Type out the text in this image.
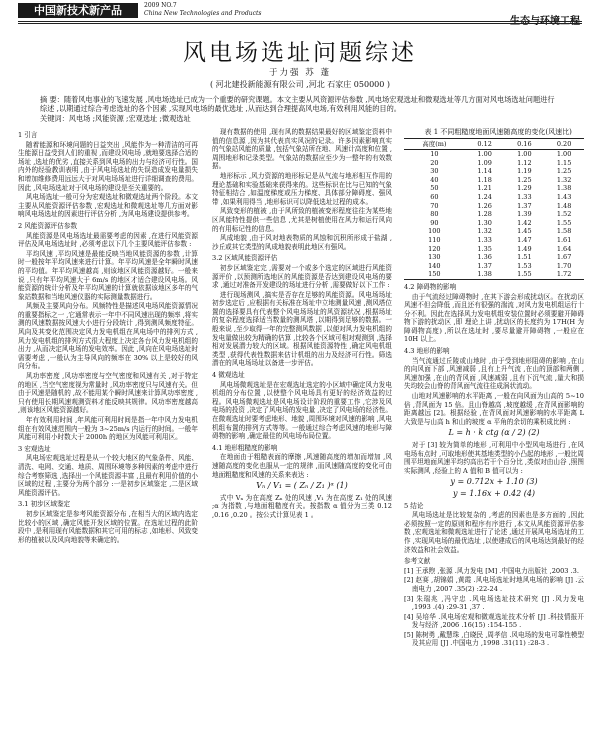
中国新技术新产品	2009 NO.7
China New Technologies and Products
风电场选址问题综述
于力强 苏 蓬
( 河北建投新能源有限公司 ,河北 石家庄 050000 )
摘 要：随着风电事业的飞速发展 ,风电场选址已成为一个重要的研究课题。本文主要从风资源评估参数 ,风电场宏观选址和微观选址等几方面对风电场选址问题进行综述 ,以期通过综合考虑选址的各个因素 ,实现风电场的最优选址 ,从而达到合理提高风电场,有效利用风能的目的。
关键词：风电场 ;风能资源 ;宏观选址 ;微观选址

1 引言

随着能源和环境问题的日益突出 ,风能作为一种清洁的可再生能源日益受到人们的重视 ,而建设风电场 ,就地要选择合适的场址 ,选址的优劣 ,直接关系到风电场的出力与经济可行性。国内外的经验教训表明 ,由于风电场选址的失误造成发电量损失和增加维修费用远远大于对风电场场址进行详细调查的费用。因此 ,风电场选址对于风电场的建设是至关重要的。

风电场选址一般可分为宏观选址和微观选址两个阶段。本文主要从风能资源评估参数 ,宏观选址和微观选址等几方面对影响风电场选址的因素进行评估分析 ,为风电场建设提供参考。

2 风能资源评估参数

风能资源是风电场选址最需要考虑的因素 ,在进行风能资源评估及风电场选址时 ,必须考虑以下几个主要风能评估参数 :

平均风速 ,平均风速是最能反映当地风能资源的参数 ,计算时一般按年平均风速来进行计算。年平均风速是全年瞬时风速的平均值。年平均风速越高 ,则该地区风能资源越好。一般来说 ,只有年平均风速大于 6m/s 的地区才适合建设风电场。风能资源的统计分析及年平均风速的计算就依据该地区多年的气象站数据和当地风速仪器的实际测量数据进行。

风频及主要风向分布。风频特性是描述风电场风能资源情况的重要指标之一 ,它通常表示一年中不同风速出现的频率 ,将实测的风速数据按风速大小进行分段统计 ,得到测风频度特征。风向及其变化范围决定风力发电机组在风电场中的排列方式 ,风力发电机组的排列方式很大程度上决定各台风力发电机组的出力 ,从而决定风电场的发电效率。因此 ,风向在风电场选址时需要考虑 ,一般认为主导风向的频率在 30% 以上是较好的风向分布。

风功率密度 ,风功率密度与空气密度和风速有关 ,对于特定的地区 ,当空气密度视为常量时 ,风功率密度只与风速有关。但由于风速是随机的 ,故不能用某个瞬时风速来计算风功率密度 ,只有使用长期风速观测资料才能反映其规律。风功率密度越高 ,则该地区风能资源越好。

年有效利用时间 ,年风能可利用时间是指一年中风力发电机组在有效风速范围内一般为 3~25m/s 内运行的时间。一般年风能可利用小时数大于 2000h 的地区为风能可利用区。

3 宏观选址

风电场宏观选址过程是从一个较大地区的气象条件、风能、清洗、电网、交通、地质、周围环境等多种因素的考虑中进行综合考察筛选 ,选择出一个风能资源丰富 ,且最有利用价值的小区域的过程 ,主要分为两个部分 :一是初步区域鉴定 ,二是区域风能资源评估。

3.1 初步区域鉴定

初步区域鉴定是参考风能资源分布 ,在相当大的区域内选定比较小的区域 ,确定风能开发区域的位置。在选址过程的此阶段中 ,是利用现有风能数据和其它可用的标志 ,如地形、风致变形的植被以及风向地貌等来确定的。

现有数据的使用 ,现有风的数据结果最好的区域鉴定资料中值的信息源 ,因为其代表真实风况的记录。许多因素影响真实的气象站风能的质量 ,包括气象站所在地、风速计高度和位置 ,周围地形和记录类型。气象站的数据应至少为一整年的有效数据。

地形标示 ,风力资源的地形标记是从气流与地形相互作用的理论基础和实验基础来获得来的。这些标识在比与已知的气象特征相结合 ,如温度梯度或压力梯度、具体部分障碍度、强风带 ,如果利用得当 ,地形标识可以降低选址过程的成本。

风致变形的植被 ,由于风所致的植被变形程度往往为某些地区风能特性提供一些信息 ,尤其是树植使用在风力和运行风向的有用标记性的信息。

风成地貌 ,由于风对地表物质的风蚀和沉积所形成于盐湖 ,沙丘或其它类型的风成地貌表明此地区有强风。

3.2 区域风能资源评估

初步区域鉴定完 ,需要对一个或多个选定的区域进行风能资源评价 ,以预测所选地区的风能资源是否达到建设风电场的要求 ,通过对准备开发建设的场址进行分析 ,需要做好以下工作 :

进行现场测风 ,搞实是否存在足够的风能资源。风电场场址初步选定后 ,应根据有关标准在场址中立地测量风速 ,测风塔位置的选择要具有代表整个风电场场址的风资源状况 ,根据场址的复杂程度选择适当数量的测风塔 ,以期得到足够的数据。一般来说 ,至少取得一年的完整测风数据 ,以便对风力发电机组的发电量做出较为精确的估算 ,比较各个区域可相对观测到 ,选择相对发展潜力较大的区域。根据风能资源特性 ,确定风电机组类型 ,获得代表性数据来估计机组的出力及经济可行性。筛选潜在的风电场场址以备进一步评估。

4 微观选址

风电场微观选址是在宏观选址选定的小区域中确定风力发电机组的分布位置 ,以使整个风电场具有更好的经济效益的过程。风电场微观选址是风电场设计阶段的重要工作 ,它涉及风电场的投资 ,决定了风电场的发电量 ,决定了风电场的经济性。在微观选址时要考虑地形、地貌 ,周围环境对风速的影响 ,风电机组布置的排列方式等等。一般通过综合考虑风速的地形与障碍物的影响 ,确定最佳的风电场布局位置。

4.1 地形粗糙度的影响

在地面由于粗糙表面的摩擦 ,风速随高度的增加而增加 ,风速随高度的变化也服从一定的规律 ,而风速随高度的变化可由地面粗糙度和风速的关系来表达 :

Vₙ / V₁ = ( Zₙ / Z₁ )ᵅ (1)

式中 Vₙ 为在高度 Zₙ 处的风速 ,V₁ 为在高度 Z₁ 处的风速 ;α 为指数 ,与地面粗糙度有关。按指数 α 值分为三类 0.12 ,0.16 ,0.20 。按公式计算见表 1 。

表 1 不同粗糙度地面风速随高度的变化(风速比)

高度(m)	0.12	0.16	0.20
10	1.00	1.00	1.00
20	1.09	1.12	1.15
30	1.14	1.19	1.25
40	1.18	1.25	1.32
50	1.21	1.29	1.38
60	1.24	1.33	1.43
70	1.26	1.37	1.48
80	1.28	1.39	1.52
90	1.30	1.42	1.55
100	1.32	1.45	1.58
110	1.33	1.47	1.61
120	1.35	1.49	1.64
130	1.36	1.51	1.67
140	1.37	1.53	1.70
150	1.38	1.55	1.72

4.2 障碍物的影响

由于气流经过障碍物时 ,在其下游会形成扰动区。在扰动区风速不但会降低 ,而且还有很强的湍流 ,对风力发电机组运行十分不利。因此在选择风力发电机组安装位置时必须要避开障碍物下游的扰动区 ,即 理论上讲 ,扰动区的长度约为 17H(H 为障碍物高度) ,所以在选址时 ,要尽量避开障碍物 ,一般应在 10H 以上。

4.3 地形的影响

当气流通过丘陵或山地时 ,由于受到地形阻碍的影响 ,在山的向风面下部 ,风速减弱 ,且有上升气流 ,在山的顶部和两侧 ,风速加强 ,在山的背风面 ,风速减弱 ,且有下沉气流 ,量大和损失均较会山脊的背风面气流往往成涡状流动。

山地对风速影响的水平距离 ,一般在向风面为山高的 5~10 倍 ,背风面为 15 倍。且山脊越高 ,坡度越缓 ,在背风面影响的距离越远 [2]。根据经验 ,在背风面对风速影响的水平距离 L 大致是与山高 h 和山的坡度 α 平角的余切的乘积成比例 :

L = h · k ctg (α / 2) (2)

对于 [3] 较为简单的地形 ,可利用中小型风电场进行 ,在风电场布点时 ,可取地形使其基地类型的小凸起的地形 ,一般比周围平坦地面风速平均约高出若干个百分比 ,类似对由山谷 ,照图实际测风 ,经验上的 A 值和 B 值可以为 :

y = 0.712x + 1.10 (3)
y = 1.16x + 0.42 (4)

5 结论

风电场选址是比较复杂的 ,考虑的因素也是多方面的 ,因此必须按照一定的原则和程序有序进行 ,本文从风能资源评估参数 ,宏观选址和微观选址进行了论述 ,通过开展风电场选址的工作 ,实现风电场的最优选址 ,以使建成后的风电场达到最好的经济效益和社会效益。

参考文献

[1] 王承煦 ,张源 .风力发电 [M] .中国电力出版社 ,2003 .3.

[2] 赵赛 ,胡锦娟 ,黄霞 .风电场选址时地风电场的影响 [J] .云南电力 ,2007 .35(2) :22-24 .

[3] 朱瑞兆 ,冯守忠 .风电场选址技术研究 [J] .风力发电 ,1993 .(4) :29-31 ,37 .

[4] 吴培华 .风电场宏观和微观选址技术分析 [J] .科技情报开发与经济 ,2006 .16(15) :154-155 .

[5] 陈树勇 ,戴慧珠 ,白晓民 ,周孝信 .风电场的发电可靠性模型及其应用 [J] .中国电力 ,1998 .31(11) :28-3 .
